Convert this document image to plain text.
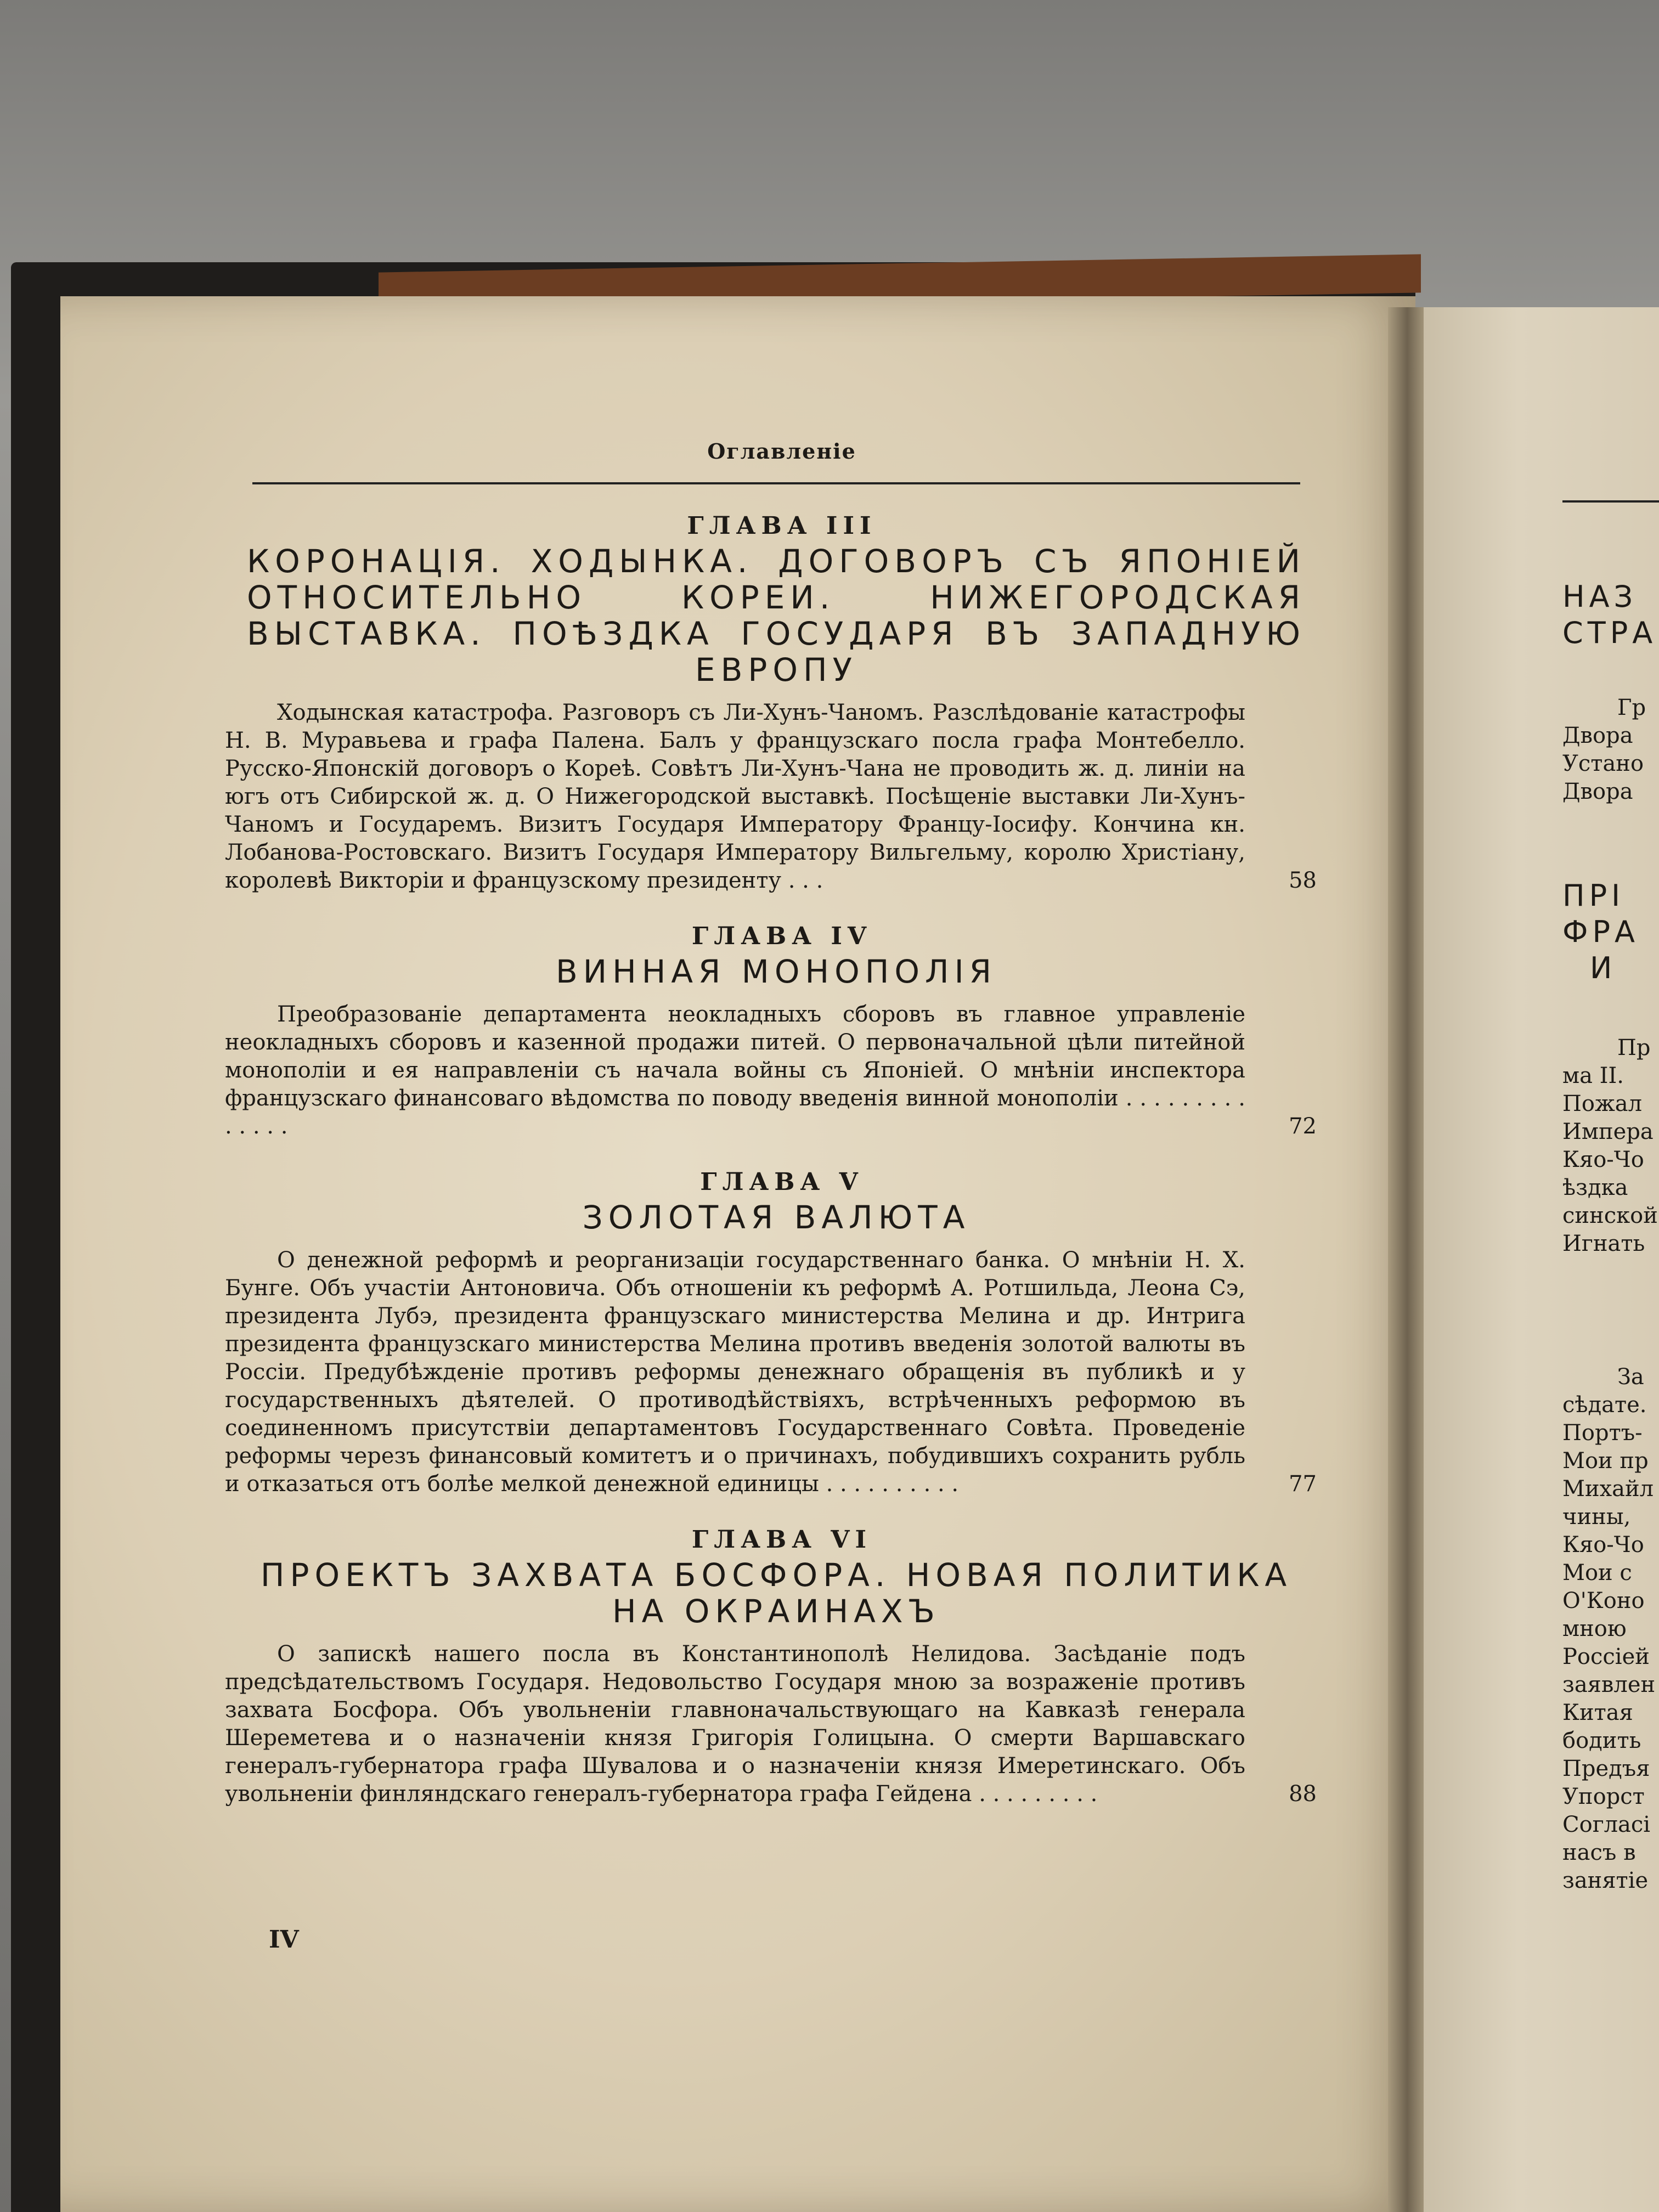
Оглавленіе
ГЛАВА III
КОРОНАЦІЯ. ХОДЫНКА. ДОГОВОРЪ СЪ ЯПОНІЕЙ ОТНОСИТЕЛЬНО КОРЕИ. НИЖЕГОРОДСКАЯ ВЫСТАВКА. ПОѢЗДКА ГОСУДАРЯ ВЪ ЗАПАДНУЮ ЕВРОПУ
Ходынская катастрофа. Разговоръ съ Ли-Хунъ-Чаномъ. Разслѣдованіе катастрофы Н. В. Муравьева и графа Палена. Балъ у французскаго посла графа Монтебелло. Русско-Японскій договоръ о Кореѣ. Совѣтъ Ли-Хунъ-Чана не проводить ж. д. линіи на югъ отъ Сибирской ж. д. О Нижегородской выставкѣ. Посѣщеніе выставки Ли-Хунъ-Чаномъ и Государемъ. Визитъ Государя Императору Францу-Іосифу. Кончина кн. Лобанова-Ростовскаго. Визитъ Государя Императору Вильгельму, королю Христіану, королевѣ Викторіи и французскому президенту . . .	58
ГЛАВА IV
ВИННАЯ МОНОПОЛІЯ
Преобразованіе департамента неокладныхъ сборовъ въ главное управленіе неокладныхъ сборовъ и казенной продажи питей. О первоначальной цѣли питейной монополіи и ея направленіи съ начала войны съ Японіей. О мнѣніи инспектора французскаго финансоваго вѣдомства по поводу введенія винной монополіи . . . . . . . . . . . . . .	72
ГЛАВА V
ЗОЛОТАЯ ВАЛЮТА
О денежной реформѣ и реорганизаціи государственнаго банка. О мнѣніи Н. Х. Бунге. Объ участіи Антоновича. Объ отношеніи къ реформѣ А. Ротшильда, Леона Сэ, президента Лубэ, президента французскаго министерства Мелина и др. Интрига президента французскаго министерства Мелина противъ введенія золотой валюты въ Россіи. Предубѣжденіе противъ реформы денежнаго обращенія въ публикѣ и у государственныхъ дѣятелей. О противодѣйствіяхъ, встрѣченныхъ реформою въ соединенномъ присутствіи департаментовъ Государственнаго Совѣта. Проведеніе реформы черезъ финансовый комитетъ и о причинахъ, побудившихъ сохранить рубль и отказаться отъ болѣе мелкой денежной единицы . . . . . . . . . .	77
ГЛАВА VI
ПРОЕКТЪ ЗАХВАТА БОСФОРА. НОВАЯ ПОЛИТИКА НА ОКРАИНАХЪ
О запискѣ нашего посла въ Константинополѣ Нелидова. Засѣданіе подъ предсѣдательствомъ Государя. Недовольство Государя мною за возраженіе противъ захвата Босфора. Объ увольненіи главноначальствующаго на Кавказѣ генерала Шереметева и о назначеніи князя Григорія Голицына. О смерти Варшавскаго генералъ-губернатора графа Шувалова и о назначеніи князя Имеретинскаго. Объ увольненіи финляндскаго генералъ-губернатора графа Гейдена . . . . . . . . .	88
IV
НАЗ
СТРА
Гр
Двора
Устано
Двора
ПРІ
ФРА
И
Пр
ма II.
Пожал
Импера
Кяо-Чо
ѣздка
синской
Игнать
За
сѣдате.
Портъ-
Мои пр
Михайл
чины,
Кяо-Чо
Мои с
О'Коно
мною
Россіей
заявлен
Китая
бодить
Предъя
Упорст
Согласі
насъ в
занятіе
